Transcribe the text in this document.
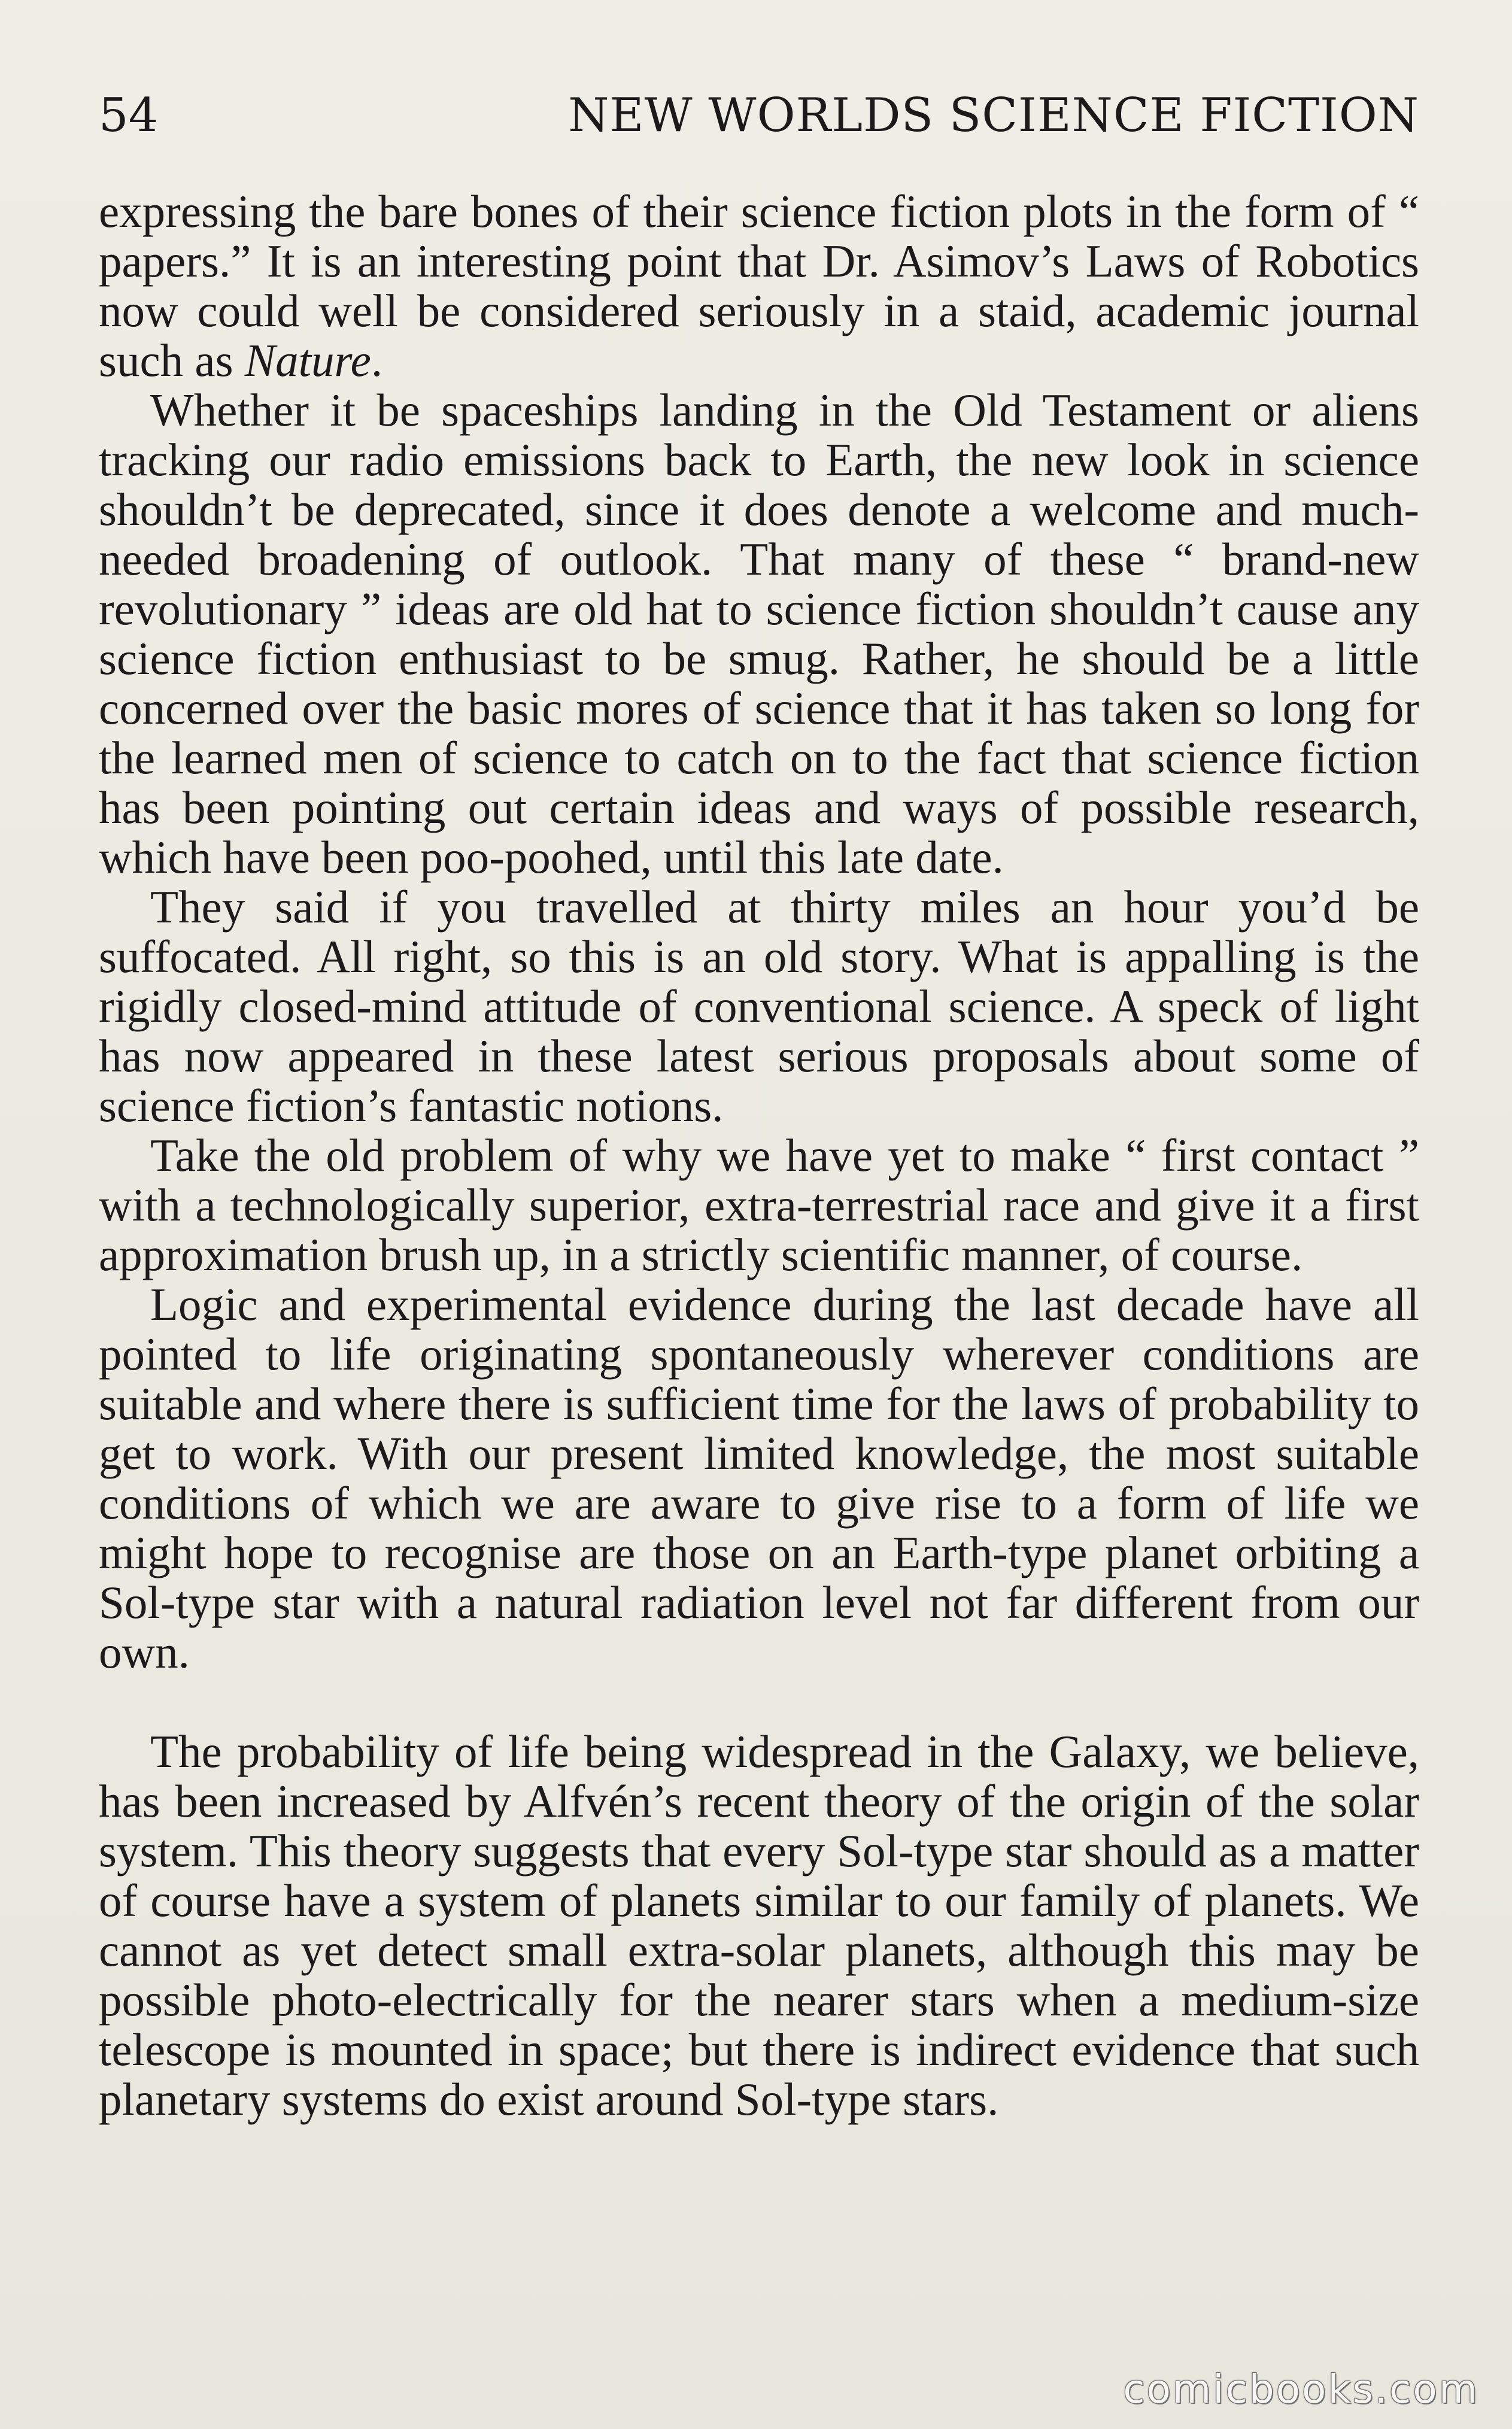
54	NEW WORLDS SCIENCE FICTION

expressing the bare bones of their science fiction plots in the form of “ papers.” It is an interesting point that Dr. Asimov’s Laws of Robotics now could well be considered seriously in a staid, academic journal such as Nature.

Whether it be spaceships landing in the Old Testament or aliens tracking our radio emissions back to Earth, the new look in science shouldn’t be deprecated, since it does denote a welcome and much-needed broadening of outlook. That many of these “ brand-new revolutionary ” ideas are old hat to science fiction shouldn’t cause any science fiction enthusiast to be smug. Rather, he should be a little concerned over the basic mores of science that it has taken so long for the learned men of science to catch on to the fact that science fiction has been pointing out certain ideas and ways of possible research, which have been poo-poohed, until this late date.

They said if you travelled at thirty miles an hour you’d be suffocated. All right, so this is an old story. What is appalling is the rigidly closed-mind attitude of conventional science. A speck of light has now appeared in these latest serious proposals about some of science fiction’s fantastic notions.

Take the old problem of why we have yet to make “ first contact ” with a technologically superior, extra-terrestrial race and give it a first approximation brush up, in a strictly scientific manner, of course.

Logic and experimental evidence during the last decade have all pointed to life originating spontaneously wherever conditions are suitable and where there is sufficient time for the laws of probability to get to work. With our present limited knowledge, the most suitable conditions of which we are aware to give rise to a form of life we might hope to recognise are those on an Earth-type planet orbiting a Sol-type star with a natural radiation level not far different from our own.

The probability of life being widespread in the Galaxy, we believe, has been increased by Alfvén’s recent theory of the origin of the solar system. This theory suggests that every Sol-type star should as a matter of course have a system of planets similar to our family of planets. We cannot as yet detect small extra-solar planets, although this may be possible photo-electrically for the nearer stars when a medium-size telescope is mounted in space; but there is indirect evidence that such planetary systems do exist around Sol-type stars.

comicbooks.com
